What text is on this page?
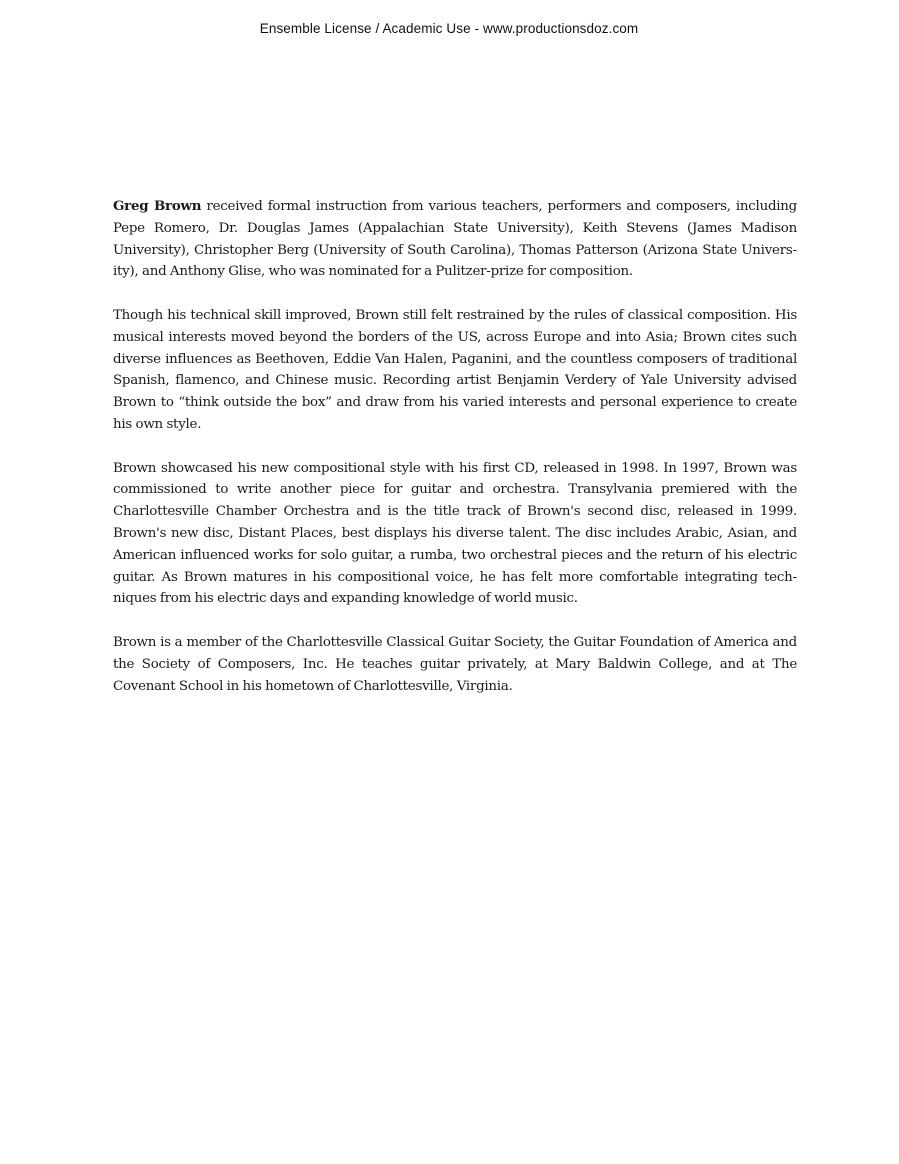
Ensemble License / Academic Use - www.productionsdoz.com

Greg Brown received formal instruction from various teachers, performers and composers, including Pepe Romero, Dr. Douglas James (Appalachian State University), Keith Stevens (James Madison University), Christopher Berg (University of South Carolina), Thomas Patterson (Arizona State University), and Anthony Glise, who was nominated for a Pulitzer-prize for composition.

Though his technical skill improved, Brown still felt restrained by the rules of classical composition. His musical interests moved beyond the borders of the US, across Europe and into Asia; Brown cites such diverse influences as Beethoven, Eddie Van Halen, Paganini, and the countless composers of traditional Spanish, flamenco, and Chinese music. Recording artist Benjamin Verdery of Yale University advised Brown to “think outside the box” and draw from his varied interests and personal experience to create his own style.

Brown showcased his new compositional style with his first CD, released in 1998. In 1997, Brown was commissioned to write another piece for guitar and orchestra. Transylvania premiered with the Charlottesville Chamber Orchestra and is the title track of Brown's second disc, released in 1999. Brown's new disc, Distant Places, best displays his diverse talent. The disc includes Arabic, Asian, and American influenced works for solo guitar, a rumba, two orchestral pieces and the return of his electric guitar. As Brown matures in his compositional voice, he has felt more comfortable integrating techniques from his electric days and expanding knowledge of world music.

Brown is a member of the Charlottesville Classical Guitar Society, the Guitar Foundation of America and the Society of Composers, Inc. He teaches guitar privately, at Mary Baldwin College, and at The Covenant School in his hometown of Charlottesville, Virginia.
